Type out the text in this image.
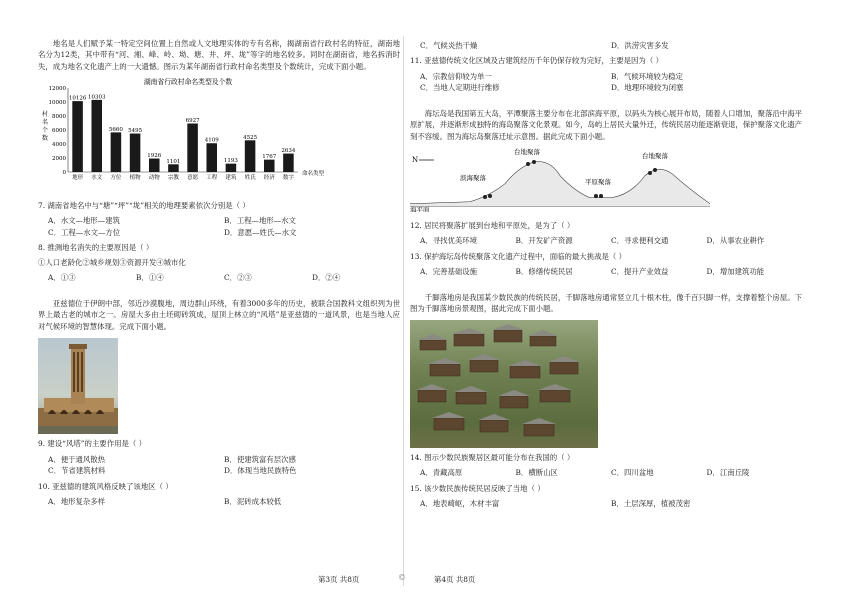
地名是人们赋予某一特定空间位置上自然或人文地理实体的专有名称，揭湖南省行政村名的特征，湖南地名分为12类，其中带有“河、湘、峰、岭、坳、塘、井、坪、垅”等字的地名较多。同时在湖南省，地名拆消时失，成为地名文化遗产上的一大遗憾。图示为某年湖南省行政村命名类型及个数统计，完成下面小题。

湖南省行政村命名类型及个数
0
2000
4000
6000
8000
10000
12000
村
名
个
数
10126
地形
10303
水文
5660
方位
5495
植物
1926
动物
1101
宗教
6927
意愿
4109
工程
1193
建筑
4525
姓氏
1767
经济
2634
数字
命名类型

7. 湖南省地名中与“塘”“坪”“垅”相关的地理要素依次分别是（ ）

A．水文—地形—建筑	B．工程—地形—水文
C．工程—水文—方位	D．意愿—姓氏—水文

8. 推测地名消失的主要原因是（ ）

①人口老龄化②城乡规划③资源开发④城市化

A．①③	B．①④	C．②③	D．②④

亚兹德位于伊朗中部，邻近沙漠腹地，周边群山环绕，有着3000多年的历史，被联合国教科文组织列为世界上最古老的城市之一。房屋大多由土坯砌砖筑成，屋顶上林立的“风塔”是亚兹德的一道风景，也是当地人应对气候环境的智慧体现。完成下面小题。

9. 建设“风塔”的主要作用是（ ）

A．便于通风散热	B．使建筑富有层次感
C．节省建筑材料	D．体现当地民族特色

10. 亚兹德的建筑风格反映了该地区（ ）

A．地形复杂多样	B．泥砖成本较低
C．气候炎热干燥	D．洪涝灾害多发

11. 亚兹德传统文化区域及古建筑经历千年仍保存较为完好，主要是因为（ ）

A．宗教信仰较为单一	B．气候环境较为稳定
C．当地人定期进行维修	D．地理环境较为闭塞

海坛岛是我国第五大岛，平潭聚落主要分布在北部滨海平原，以码头为核心展开布局，随着人口增加，聚落沿中海平原扩展，并逐渐形成独特的海岛聚落文化景观。如今，岛屿上居民大量外迁，传统民居功能逐渐衰退，保护聚落文化遗产刻不容缓。图为海坛岛聚落迁址示意图。据此完成下面小题。

N
滨海聚落
台地聚落
平原聚落
台地聚落
海平面

12. 居民将聚落扩展到台地和平原处，是为了（ ）

A．寻找优美环境	B．开发矿产资源	C．寻求便利交通	D．从事农业耕作

13. 保护海坛岛传统聚落文化遗产过程中，面临的最大挑战是（ ）

A．完善基础设施	B．修缮传统民居	C．提升产业效益	D．增加建筑功能

千脚落地房是我国某少数民族的传统民居，千脚落地房通常竖立几十根木柱，像千百只脚一样，支撑着整个房屋。下图为千脚落地房景观图，据此完成下面小题。

14. 图示少数民族聚居区最可能分布在我国的（ ）

A．青藏高原	B．横断山区	C．四川盆地	D．江南丘陵

15. 该少数民族传统民居反映了当地（ ）

A．地表崎岖，木材丰富	B．土层深厚，植被茂密
第3页 共8页	©	第4页 共8页
